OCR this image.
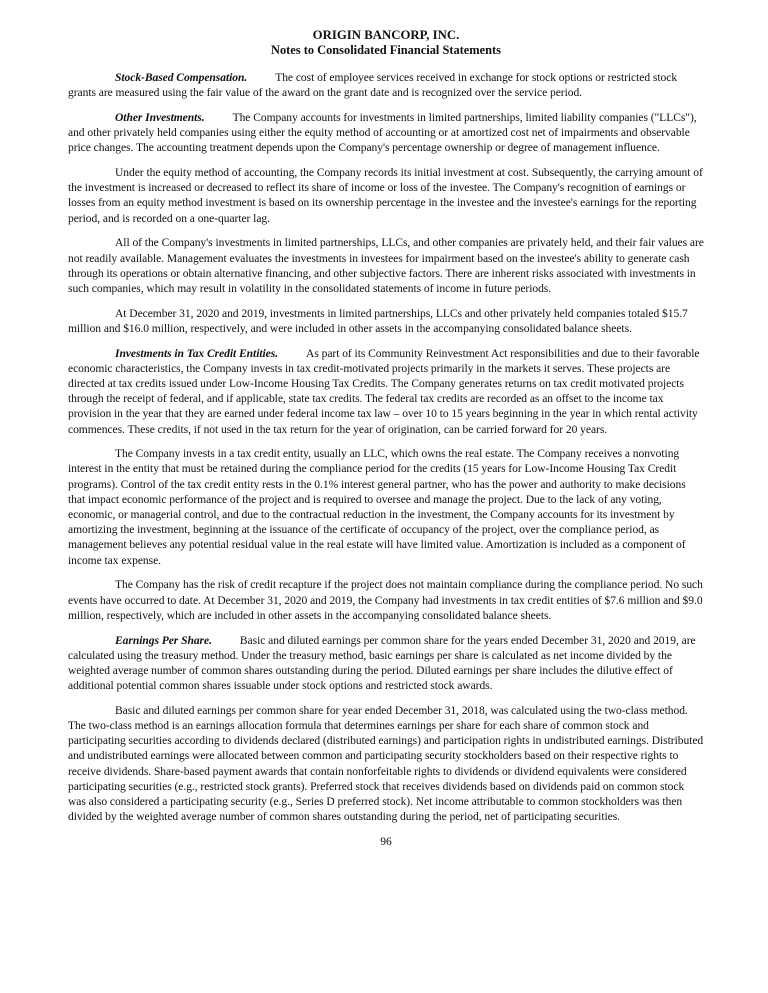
ORIGIN BANCORP, INC.
Notes to Consolidated Financial Statements

Stock-Based Compensation. The cost of employee services received in exchange for stock options or restricted stock grants are measured using the fair value of the award on the grant date and is recognized over the service period.

Other Investments. The Company accounts for investments in limited partnerships, limited liability companies ("LLCs"), and other privately held companies using either the equity method of accounting or at amortized cost net of impairments and observable price changes. The accounting treatment depends upon the Company's percentage ownership or degree of management influence.

Under the equity method of accounting, the Company records its initial investment at cost. Subsequently, the carrying amount of the investment is increased or decreased to reflect its share of income or loss of the investee. The Company's recognition of earnings or losses from an equity method investment is based on its ownership percentage in the investee and the investee's earnings for the reporting period, and is recorded on a one-quarter lag.

All of the Company's investments in limited partnerships, LLCs, and other companies are privately held, and their fair values are not readily available. Management evaluates the investments in investees for impairment based on the investee's ability to generate cash through its operations or obtain alternative financing, and other subjective factors. There are inherent risks associated with investments in such companies, which may result in volatility in the consolidated statements of income in future periods.

At December 31, 2020 and 2019, investments in limited partnerships, LLCs and other privately held companies totaled $15.7 million and $16.0 million, respectively, and were included in other assets in the accompanying consolidated balance sheets.

Investments in Tax Credit Entities. As part of its Community Reinvestment Act responsibilities and due to their favorable economic characteristics, the Company invests in tax credit-motivated projects primarily in the markets it serves. These projects are directed at tax credits issued under Low-Income Housing Tax Credits. The Company generates returns on tax credit motivated projects through the receipt of federal, and if applicable, state tax credits. The federal tax credits are recorded as an offset to the income tax provision in the year that they are earned under federal income tax law – over 10 to 15 years beginning in the year in which rental activity commences. These credits, if not used in the tax return for the year of origination, can be carried forward for 20 years.

The Company invests in a tax credit entity, usually an LLC, which owns the real estate. The Company receives a nonvoting interest in the entity that must be retained during the compliance period for the credits (15 years for Low-Income Housing Tax Credit programs). Control of the tax credit entity rests in the 0.1% interest general partner, who has the power and authority to make decisions that impact economic performance of the project and is required to oversee and manage the project. Due to the lack of any voting, economic, or managerial control, and due to the contractual reduction in the investment, the Company accounts for its investment by amortizing the investment, beginning at the issuance of the certificate of occupancy of the project, over the compliance period, as management believes any potential residual value in the real estate will have limited value. Amortization is included as a component of income tax expense.

The Company has the risk of credit recapture if the project does not maintain compliance during the compliance period. No such events have occurred to date. At December 31, 2020 and 2019, the Company had investments in tax credit entities of $7.6 million and $9.0 million, respectively, which are included in other assets in the accompanying consolidated balance sheets.

Earnings Per Share. Basic and diluted earnings per common share for the years ended December 31, 2020 and 2019, are calculated using the treasury method. Under the treasury method, basic earnings per share is calculated as net income divided by the weighted average number of common shares outstanding during the period. Diluted earnings per share includes the dilutive effect of additional potential common shares issuable under stock options and restricted stock awards.

Basic and diluted earnings per common share for year ended December 31, 2018, was calculated using the two-class method. The two-class method is an earnings allocation formula that determines earnings per share for each share of common stock and participating securities according to dividends declared (distributed earnings) and participation rights in undistributed earnings. Distributed and undistributed earnings were allocated between common and participating security stockholders based on their respective rights to receive dividends. Share-based payment awards that contain nonforfeitable rights to dividends or dividend equivalents were considered participating securities (e.g., restricted stock grants). Preferred stock that receives dividends based on dividends paid on common stock was also considered a participating security (e.g., Series D preferred stock). Net income attributable to common stockholders was then divided by the weighted average number of common shares outstanding during the period, net of participating securities.

96
